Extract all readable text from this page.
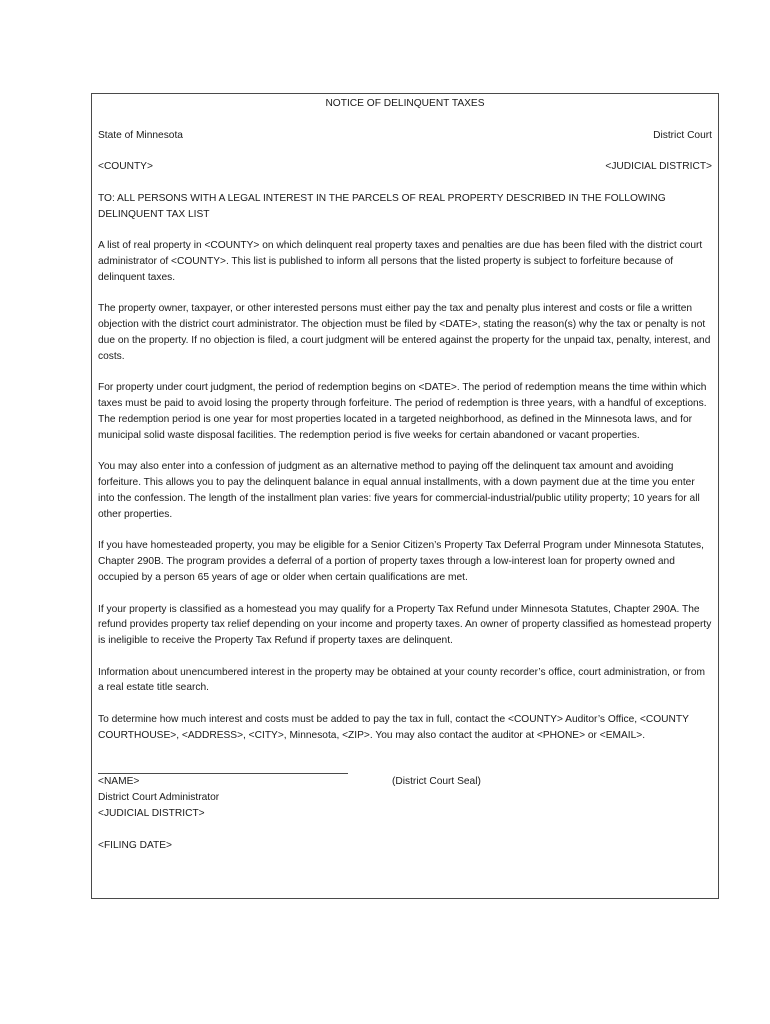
NOTICE OF DELINQUENT TAXES

State of Minnesota	District Court
<COUNTY>	<JUDICIAL DISTRICT>

TO: ALL PERSONS WITH A LEGAL INTEREST IN THE PARCELS OF REAL PROPERTY DESCRIBED IN THE FOLLOWING DELINQUENT TAX LIST

A list of real property in <COUNTY> on which delinquent real property taxes and penalties are due has been filed with the district court administrator of <COUNTY>. This list is published to inform all persons that the listed property is subject to forfeiture because of delinquent taxes.

The property owner, taxpayer, or other interested persons must either pay the tax and penalty plus interest and costs or file a written objection with the district court administrator. The objection must be filed by <DATE>, stating the reason(s) why the tax or penalty is not due on the property. If no objection is filed, a court judgment will be entered against the property for the unpaid tax, penalty, interest, and costs.

For property under court judgment, the period of redemption begins on <DATE>. The period of redemption means the time within which taxes must be paid to avoid losing the property through forfeiture. The period of redemption is three years, with a handful of exceptions. The redemption period is one year for most properties located in a targeted neighborhood, as defined in the Minnesota laws, and for municipal solid waste disposal facilities. The redemption period is five weeks for certain abandoned or vacant properties.

You may also enter into a confession of judgment as an alternative method to paying off the delinquent tax amount and avoiding forfeiture. This allows you to pay the delinquent balance in equal annual installments, with a down payment due at the time you enter into the confession. The length of the installment plan varies: five years for commercial-industrial/public utility property; 10 years for all other properties.

If you have homesteaded property, you may be eligible for a Senior Citizen’s Property Tax Deferral Program under Minnesota Statutes, Chapter 290B. The program provides a deferral of a portion of property taxes through a low-interest loan for property owned and occupied by a person 65 years of age or older when certain qualifications are met.

If your property is classified as a homestead you may qualify for a Property Tax Refund under Minnesota Statutes, Chapter 290A. The refund provides property tax relief depending on your income and property taxes. An owner of property classified as homestead property is ineligible to receive the Property Tax Refund if property taxes are delinquent.

Information about unencumbered interest in the property may be obtained at your county recorder’s office, court administration, or from a real estate title search.

To determine how much interest and costs must be added to pay the tax in full, contact the <COUNTY> Auditor’s Office, <COUNTY COURTHOUSE>, <ADDRESS>, <CITY>, Minnesota, <ZIP>. You may also contact the auditor at <PHONE> or <EMAIL>.

<NAME>	(District Court Seal)

District Court Administrator

<JUDICIAL DISTRICT>

<FILING DATE>
